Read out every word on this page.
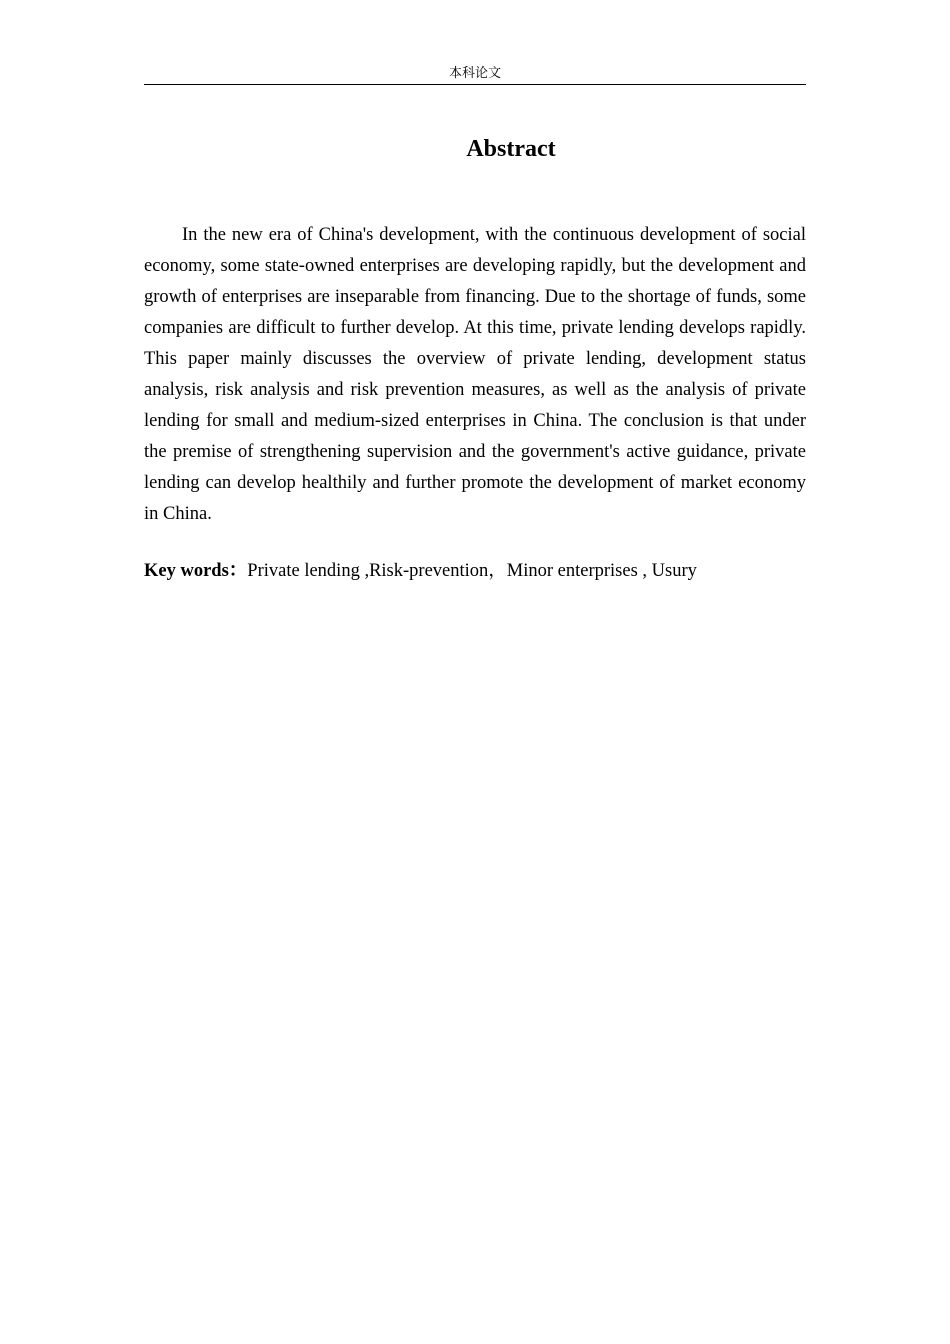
本科论文
Abstract

In the new era of China's development, with the continuous development of social economy, some state-owned enterprises are developing rapidly, but the development and growth of enterprises are inseparable from financing. Due to the shortage of funds, some companies are difficult to further develop. At this time, private lending develops rapidly. This paper mainly discusses the overview of private lending, development status analysis, risk analysis and risk prevention measures, as well as the analysis of private lending for small and medium-sized enterprises in China. The conclusion is that under the premise of strengthening supervision and the government's active guidance, private lending can develop healthily and further promote the development of market economy in China.

Key words：Private lending ,Risk-prevention，Minor enterprises , Usury
